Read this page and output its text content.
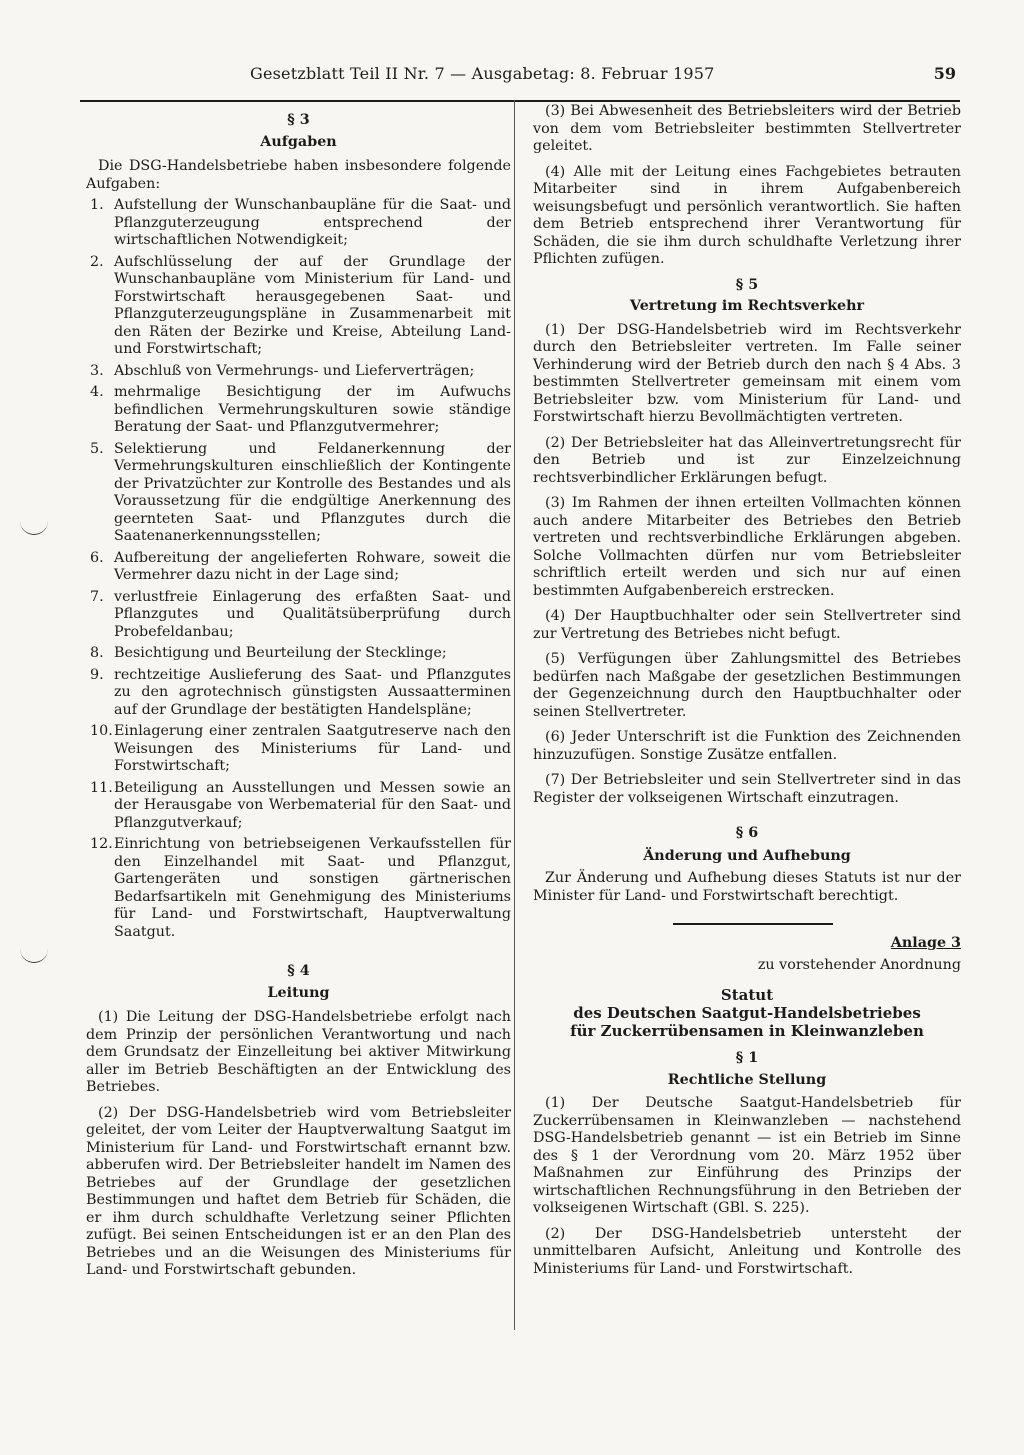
Gesetzblatt Teil II Nr. 7 — Ausgabetag: 8. Februar 1957	59
§ 3
Aufgaben

Die DSG-Handelsbetriebe haben insbesondere folgende Aufgaben:

1. Aufstellung der Wunschanbaupläne für die Saat- und Pflanzguterzeugung entsprechend der wirtschaftlichen Notwendigkeit;
2. Aufschlüsselung der auf der Grundlage der Wunschanbaupläne vom Ministerium für Land- und Forstwirtschaft herausgegebenen Saat- und Pflanzguterzeugungspläne in Zusammenarbeit mit den Räten der Bezirke und Kreise, Abteilung Land- und Forstwirtschaft;
3. Abschluß von Vermehrungs- und Lieferverträgen;
4. mehrmalige Besichtigung der im Aufwuchs befindlichen Vermehrungskulturen sowie ständige Beratung der Saat- und Pflanzgutvermehrer;
5. Selektierung und Feldanerkennung der Vermehrungskulturen einschließlich der Kontingente der Privatzüchter zur Kontrolle des Bestandes und als Voraussetzung für die endgültige Anerkennung des geernteten Saat- und Pflanzgutes durch die Saatenanerkennungsstellen;
6. Aufbereitung der angelieferten Rohware, soweit die Vermehrer dazu nicht in der Lage sind;
7. verlustfreie Einlagerung des erfaßten Saat- und Pflanzgutes und Qualitätsüberprüfung durch Probefeldanbau;
8. Besichtigung und Beurteilung der Stecklinge;
9. rechtzeitige Auslieferung des Saat- und Pflanzgutes zu den agrotechnisch günstigsten Aussaatterminen auf der Grundlage der bestätigten Handelspläne;
10. Einlagerung einer zentralen Saatgutreserve nach den Weisungen des Ministeriums für Land- und Forstwirtschaft;
11. Beteiligung an Ausstellungen und Messen sowie an der Herausgabe von Werbematerial für den Saat- und Pflanzgutverkauf;
12. Einrichtung von betriebseigenen Verkaufsstellen für den Einzelhandel mit Saat- und Pflanzgut, Gartengeräten und sonstigen gärtnerischen Bedarfsartikeln mit Genehmigung des Ministeriums für Land- und Forstwirtschaft, Hauptverwaltung Saatgut.
§ 4
Leitung

(1) Die Leitung der DSG-Handelsbetriebe erfolgt nach dem Prinzip der persönlichen Verantwortung und nach dem Grundsatz der Einzelleitung bei aktiver Mitwirkung aller im Betrieb Beschäftigten an der Entwicklung des Betriebes.

(2) Der DSG-Handelsbetrieb wird vom Betriebsleiter geleitet, der vom Leiter der Hauptverwaltung Saatgut im Ministerium für Land- und Forstwirtschaft ernannt bzw. abberufen wird. Der Betriebsleiter handelt im Namen des Betriebes auf der Grundlage der gesetzlichen Bestimmungen und haftet dem Betrieb für Schäden, die er ihm durch schuldhafte Verletzung seiner Pflichten zufügt. Bei seinen Entscheidungen ist er an den Plan des Betriebes und an die Weisungen des Ministeriums für Land- und Forstwirtschaft gebunden.

(3) Bei Abwesenheit des Betriebsleiters wird der Betrieb von dem vom Betriebsleiter bestimmten Stellvertreter geleitet.

(4) Alle mit der Leitung eines Fachgebietes betrauten Mitarbeiter sind in ihrem Aufgabenbereich weisungsbefugt und persönlich verantwortlich. Sie haften dem Betrieb entsprechend ihrer Verantwortung für Schäden, die sie ihm durch schuldhafte Verletzung ihrer Pflichten zufügen.

§ 5
Vertretung im Rechtsverkehr

(1) Der DSG-Handelsbetrieb wird im Rechtsverkehr durch den Betriebsleiter vertreten. Im Falle seiner Verhinderung wird der Betrieb durch den nach § 4 Abs. 3 bestimmten Stellvertreter gemeinsam mit einem vom Betriebsleiter bzw. vom Ministerium für Land- und Forstwirtschaft hierzu Bevollmächtigten vertreten.

(2) Der Betriebsleiter hat das Alleinvertretungsrecht für den Betrieb und ist zur Einzelzeichnung rechtsverbindlicher Erklärungen befugt.

(3) Im Rahmen der ihnen erteilten Vollmachten können auch andere Mitarbeiter des Betriebes den Betrieb vertreten und rechtsverbindliche Erklärungen abgeben. Solche Vollmachten dürfen nur vom Betriebsleiter schriftlich erteilt werden und sich nur auf einen bestimmten Aufgabenbereich erstrecken.

(4) Der Hauptbuchhalter oder sein Stellvertreter sind zur Vertretung des Betriebes nicht befugt.

(5) Verfügungen über Zahlungsmittel des Betriebes bedürfen nach Maßgabe der gesetzlichen Bestimmungen der Gegenzeichnung durch den Hauptbuchhalter oder seinen Stellvertreter.

(6) Jeder Unterschrift ist die Funktion des Zeichnenden hinzuzufügen. Sonstige Zusätze entfallen.

(7) Der Betriebsleiter und sein Stellvertreter sind in das Register der volkseigenen Wirtschaft einzutragen.

§ 6
Änderung und Aufhebung

Zur Änderung und Aufhebung dieses Statuts ist nur der Minister für Land- und Forstwirtschaft berechtigt.

Anlage 3
zu vorstehender Anordnung
Statut
des Deutschen Saatgut-Handelsbetriebes
für Zuckerrübensamen in Kleinwanzleben
§ 1
Rechtliche Stellung

(1) Der Deutsche Saatgut-Handelsbetrieb für Zuckerrübensamen in Kleinwanzleben — nachstehend DSG-Handelsbetrieb genannt — ist ein Betrieb im Sinne des § 1 der Verordnung vom 20. März 1952 über Maßnahmen zur Einführung des Prinzips der wirtschaftlichen Rechnungsführung in den Betrieben der volkseigenen Wirtschaft (GBl. S. 225).

(2) Der DSG-Handelsbetrieb untersteht der unmittelbaren Aufsicht, Anleitung und Kontrolle des Ministeriums für Land- und Forstwirtschaft.
